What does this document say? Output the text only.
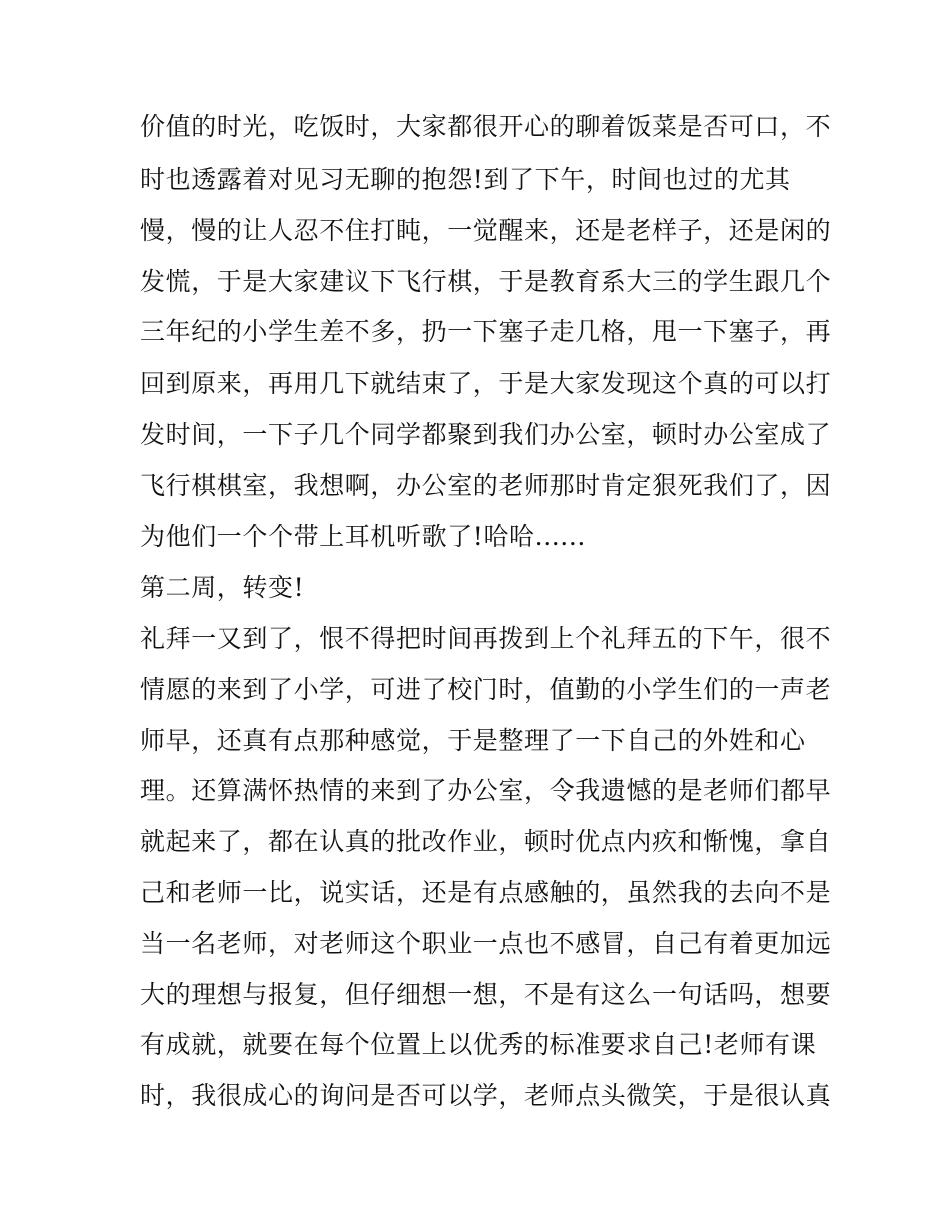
价值的时光，吃饭时，大家都很开心的聊着饭菜是否可口，不
时也透露着对见习无聊的抱怨!到了下午，时间也过的尤其
慢，慢的让人忍不住打盹，一觉醒来，还是老样子，还是闲的
发慌，于是大家建议下飞行棋，于是教育系大三的学生跟几个
三年纪的小学生差不多，扔一下塞子走几格，甩一下塞子，再
回到原来，再用几下就结束了，于是大家发现这个真的可以打
发时间，一下子几个同学都聚到我们办公室，顿时办公室成了
飞行棋棋室，我想啊，办公室的老师那时肯定狠死我们了，因
为他们一个个带上耳机听歌了!哈哈......
第二周，转变!
礼拜一又到了，恨不得把时间再拨到上个礼拜五的下午，很不
情愿的来到了小学，可进了校门时，值勤的小学生们的一声老
师早，还真有点那种感觉，于是整理了一下自己的外姓和心
理。还算满怀热情的来到了办公室，令我遗憾的是老师们都早
就起来了，都在认真的批改作业，顿时优点内疚和惭愧，拿自
己和老师一比，说实话，还是有点感触的，虽然我的去向不是
当一名老师，对老师这个职业一点也不感冒，自己有着更加远
大的理想与报复，但仔细想一想，不是有这么一句话吗，想要
有成就，就要在每个位置上以优秀的标准要求自己!老师有课
时，我很成心的询问是否可以学，老师点头微笑，于是很认真
